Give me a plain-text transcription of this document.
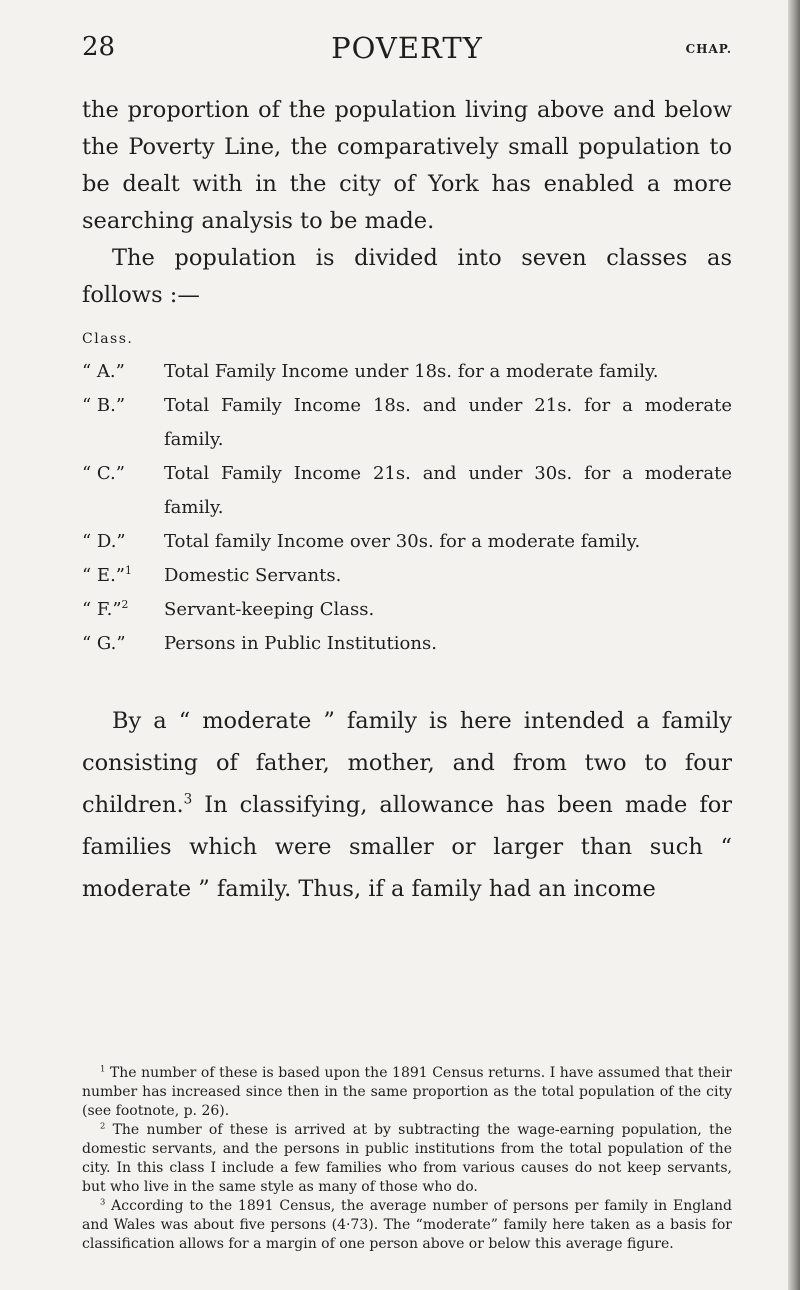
28	POVERTY	CHAP.

the proportion of the population living above and below the Poverty Line, the comparatively small population to be dealt with in the city of York has enabled a more searching analysis to be made.

The population is divided into seven classes as follows :—

Class.
“ A.”	Total Family Income under 18s. for a moderate family.
“ B.”	Total Family Income 18s. and under 21s. for a moderate family.
“ C.”	Total Family Income 21s. and under 30s. for a moderate family.
“ D.”	Total family Income over 30s. for a moderate family.
“ E.”$^1$	Domestic Servants.
“ F.”$^2$	Servant-keeping Class.
“ G.”	Persons in Public Institutions.

By a “ moderate ” family is here intended a family consisting of father, mother, and from two to four children.$^3$ In classifying, allowance has been made for families which were smaller or larger than such “ moderate ” family. Thus, if a family had an income

$^1$ The number of these is based upon the 1891 Census returns. I have assumed that their number has increased since then in the same proportion as the total population of the city (see footnote, p. 26).

$^2$ The number of these is arrived at by subtracting the wage-earning population, the domestic servants, and the persons in public institutions from the total population of the city. In this class I include a few families who from various causes do not keep servants, but who live in the same style as many of those who do.

$^3$ According to the 1891 Census, the average number of persons per family in England and Wales was about five persons (4·73). The “moderate” family here taken as a basis for classification allows for a margin of one person above or below this average figure.
